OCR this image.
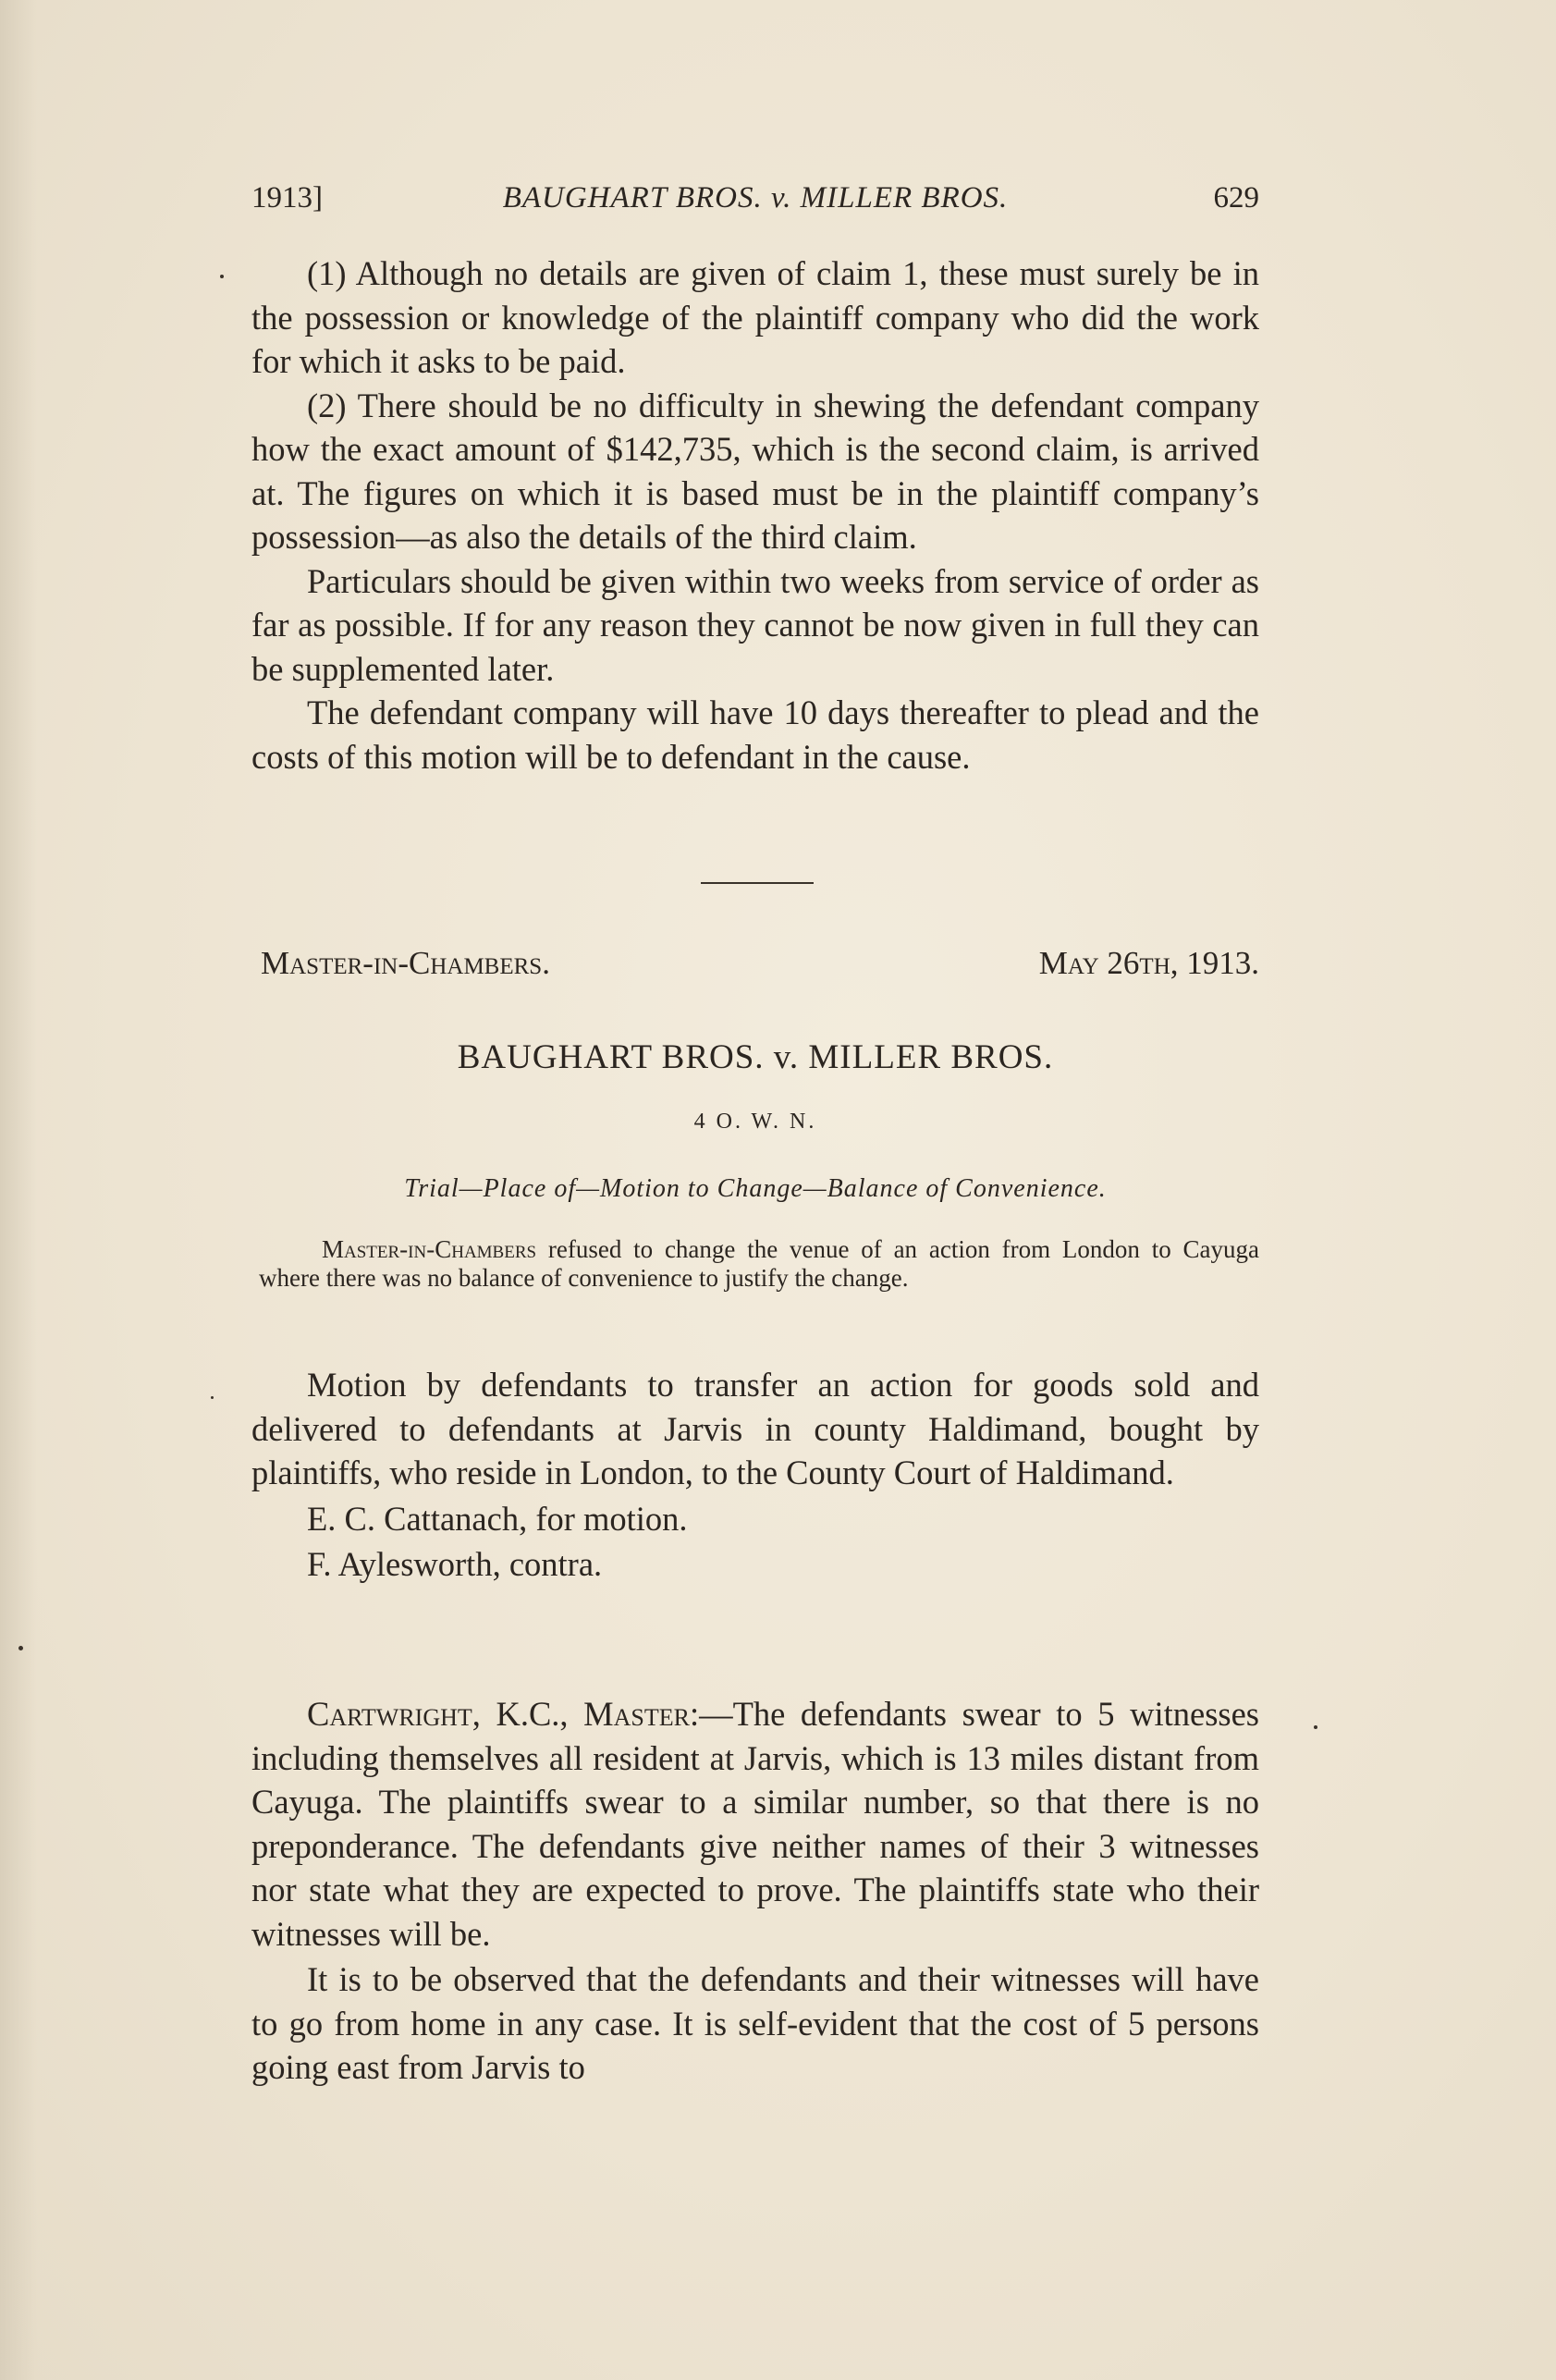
1913]	BAUGHART BROS. v. MILLER BROS.	629

(1) Although no details are given of claim 1, these must surely be in the possession or knowledge of the plaintiff company who did the work for which it asks to be paid.

(2) There should be no difficulty in shewing the defendant company how the exact amount of $142,735, which is the second claim, is arrived at. The figures on which it is based must be in the plaintiff company’s possession—as also the details of the third claim.

Particulars should be given within two weeks from service of order as far as possible. If for any reason they cannot be now given in full they can be supplemented later.

The defendant company will have 10 days thereafter to plead and the costs of this motion will be to defendant in the cause.

Master-in-Chambers.	May 26th, 1913.
BAUGHART BROS. v. MILLER BROS.
4 O. W. N.
Trial—Place of—Motion to Change—Balance of Convenience.

Master-in-Chambers refused to change the venue of an action from London to Cayuga where there was no balance of convenience to justify the change.

Motion by defendants to transfer an action for goods sold and delivered to defendants at Jarvis in county Haldimand, bought by plaintiffs, who reside in London, to the County Court of Haldimand.

E. C. Cattanach, for motion.

F. Aylesworth, contra.

Cartwright, K.C., Master:—The defendants swear to 5 witnesses including themselves all resident at Jarvis, which is 13 miles distant from Cayuga. The plaintiffs swear to a similar number, so that there is no preponderance. The defendants give neither names of their 3 witnesses nor state what they are expected to prove. The plaintiffs state who their witnesses will be.

It is to be observed that the defendants and their witnesses will have to go from home in any case. It is self-evident that the cost of 5 persons going east from Jarvis to
